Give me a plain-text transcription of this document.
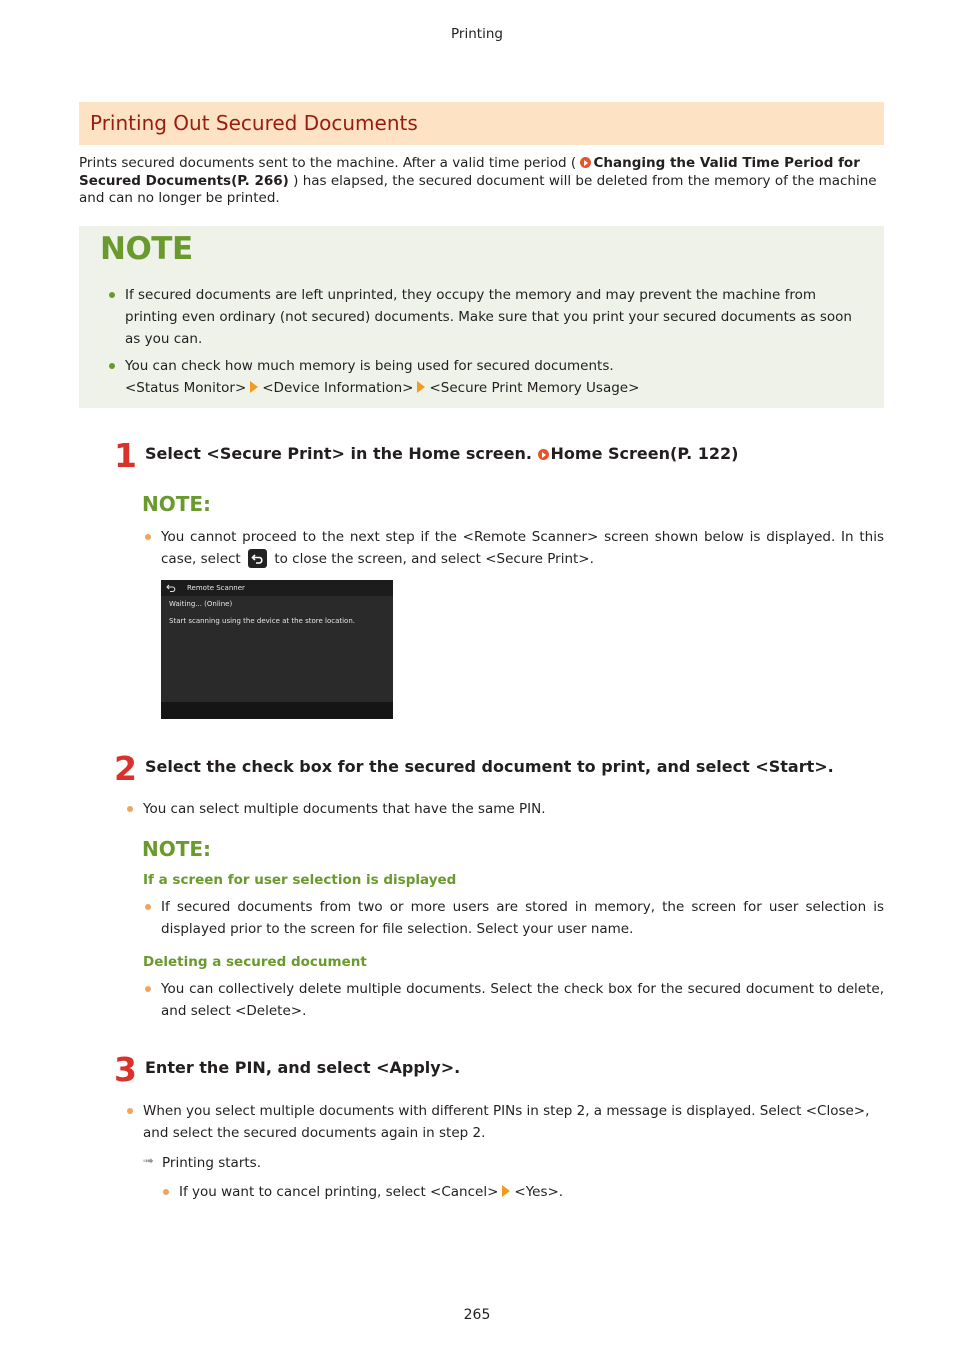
Printing
Printing Out Secured Documents
Prints secured documents sent to the machine. After a valid time period ( Changing the Valid Time Period for
Secured Documents(P. 266) ) has elapsed, the secured document will be deleted from the memory of the machine
and can no longer be printed.
NOTE
If secured documents are left unprinted, they occupy the memory and may prevent the machine from
printing even ordinary (not secured) documents. Make sure that you print your secured documents as soon
as you can.
You can check how much memory is being used for secured documents.
<Status Monitor> <Device Information> <Secure Print Memory Usage>
1 Select <Secure Print> in the Home screen. Home Screen(P. 122)
NOTE:
You cannot proceed to the next step if the <Remote Scanner> screen shown below is displayed. In this
case, select
to close the screen, and select <Secure Print>.
Remote Scanner
Waiting... (Online)
Start scanning using the device at the store location.
2 Select the check box for the secured document to print, and select <Start>.
You can select multiple documents that have the same PIN.
NOTE:
If a screen for user selection is displayed
If secured documents from two or more users are stored in memory, the screen for user selection is
displayed prior to the screen for file selection. Select your user name.
Deleting a secured document
You can collectively delete multiple documents. Select the check box for the secured document to delete,
and select <Delete>.
3 Enter the PIN, and select <Apply>.
When you select multiple documents with different PINs in step 2, a message is displayed. Select <Close>,
and select the secured documents again in step 2.
➟ Printing starts.
If you want to cancel printing, select <Cancel> <Yes>.
265
